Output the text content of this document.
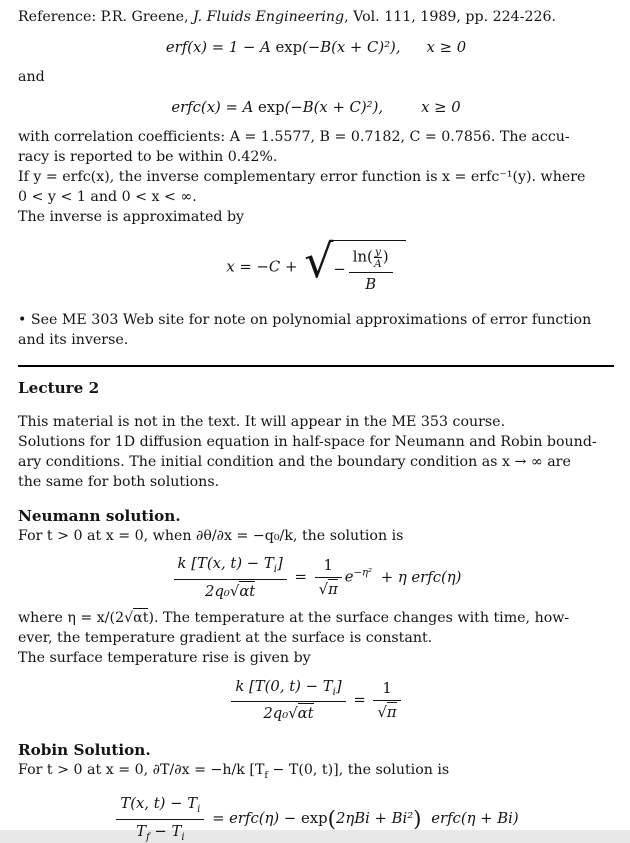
Reference: P.R. Greene, J. Fluids Engineering, Vol. 111, 1989, pp. 224-226.
erf(x) = 1 − A exp(−B(x + C)²), x ≥ 0
and
erfc(x) = A exp(−B(x + C)²),	x ≥ 0
with correlation coefficients: A = 1.5577, B = 0.7182, C = 0.7856. The accu-
racy is reported to be within 0.42%.
If y = erfc(x), the inverse complementary error function is x = erfc⁻¹(y). where
0 < y < 1 and 0 < x < ∞.
The inverse is approximated by
x = −C + √ − $\frac{\ln( \frac{y}{A} )}{B}$
• See ME 303 Web site for note on polynomial approximations of error function
and its inverse.
Lecture 2
This material is not in the text. It will appear in the ME 353 course.
Solutions for 1D diffusion equation in half-space for Neumann and Robin bound-
ary conditions. The initial condition and the boundary condition as x → ∞ are
the same for both solutions.
Neumann solution.
For t > 0 at x = 0, when ∂θ/∂x = −q₀/k, the solution is
$\frac{k [T(x, t) - T_i]}{\text{2q₀√αt}} = \frac{1}{√\pi} e^{-\eta^2} + \eta$ erfc(η)
where η = x/(2√αt). The temperature at the surface changes with time, how-
ever, the temperature gradient at the surface is constant.
The surface temperature rise is given by
$\frac{k [T(0, t) - T_i]}{\text{2q₀√αt}} = \frac{1}{√\pi}$
Robin Solution.
For t > 0 at x = 0, ∂T/∂x = −h/k [$T_f - T(0$, t)], the solution is
$\frac{T(x, t) - T_i}{T_f - T_i}$ = erfc(η) − exp(2ηBi + Bi²) erfc(η + Bi)
